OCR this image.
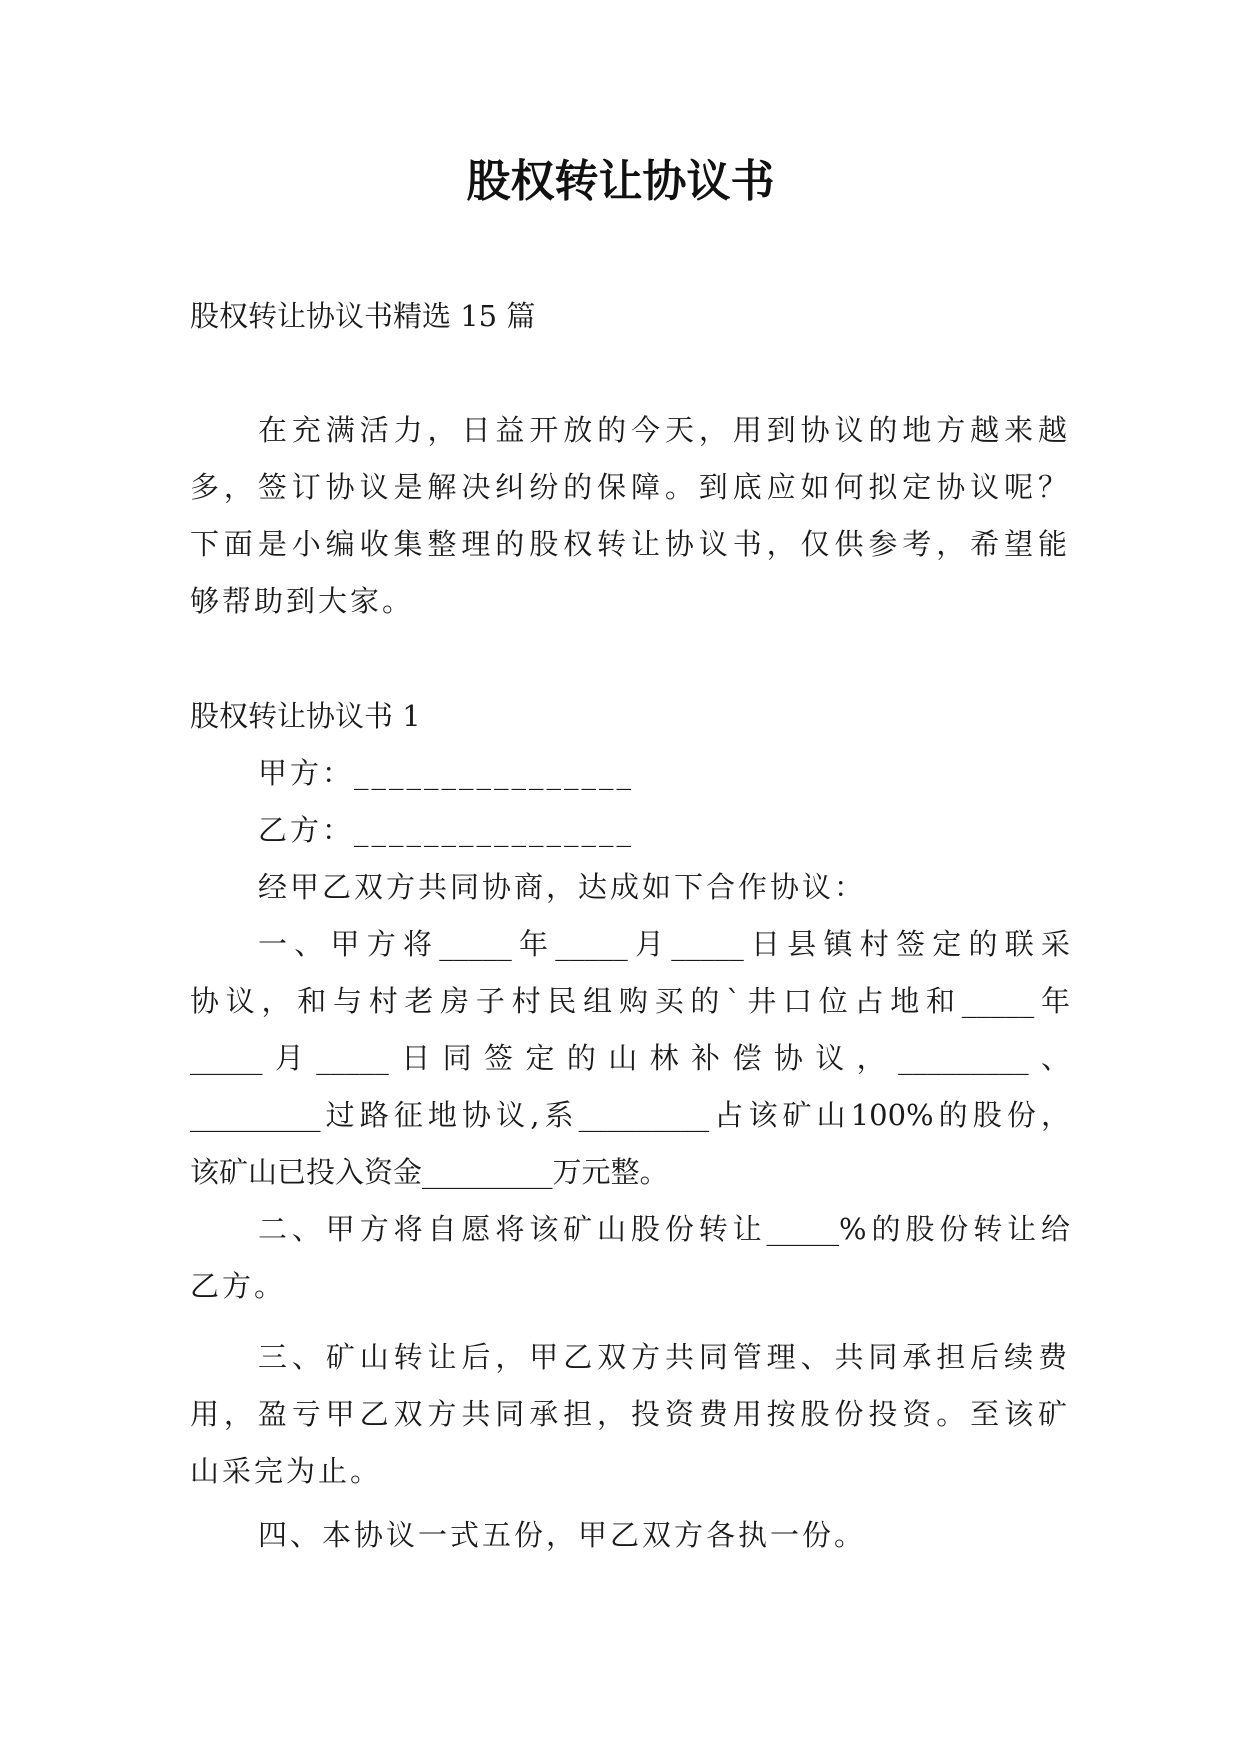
股权转让协议书

股权转让协议书精选 15 篇

在充满活力，日益开放的今天，用到协议的地方越来越

多，签订协议是解决纠纷的保障。到底应如何拟定协议呢？

下面是小编收集整理的股权转让协议书，仅供参考，希望能

够帮助到大家。

股权转让协议书 1

甲方：________________

乙方：________________

经甲乙双方共同协商，达成如下合作协议：

一、甲方将_____年_____月_____日县镇村签定的联采

协议，和与村老房子村民组购买的`井口位占地和_____年

_____月_____日同签定的山林补偿协议，_________、

_________过路征地协议,系_________占该矿山100%的股份，

该矿山已投入资金_________万元整。

二、甲方将自愿将该矿山股份转让_____%的股份转让给

乙方。

三、矿山转让后，甲乙双方共同管理、共同承担后续费

用，盈亏甲乙双方共同承担，投资费用按股份投资。至该矿

山采完为止。

四、本协议一式五份，甲乙双方各执一份。
